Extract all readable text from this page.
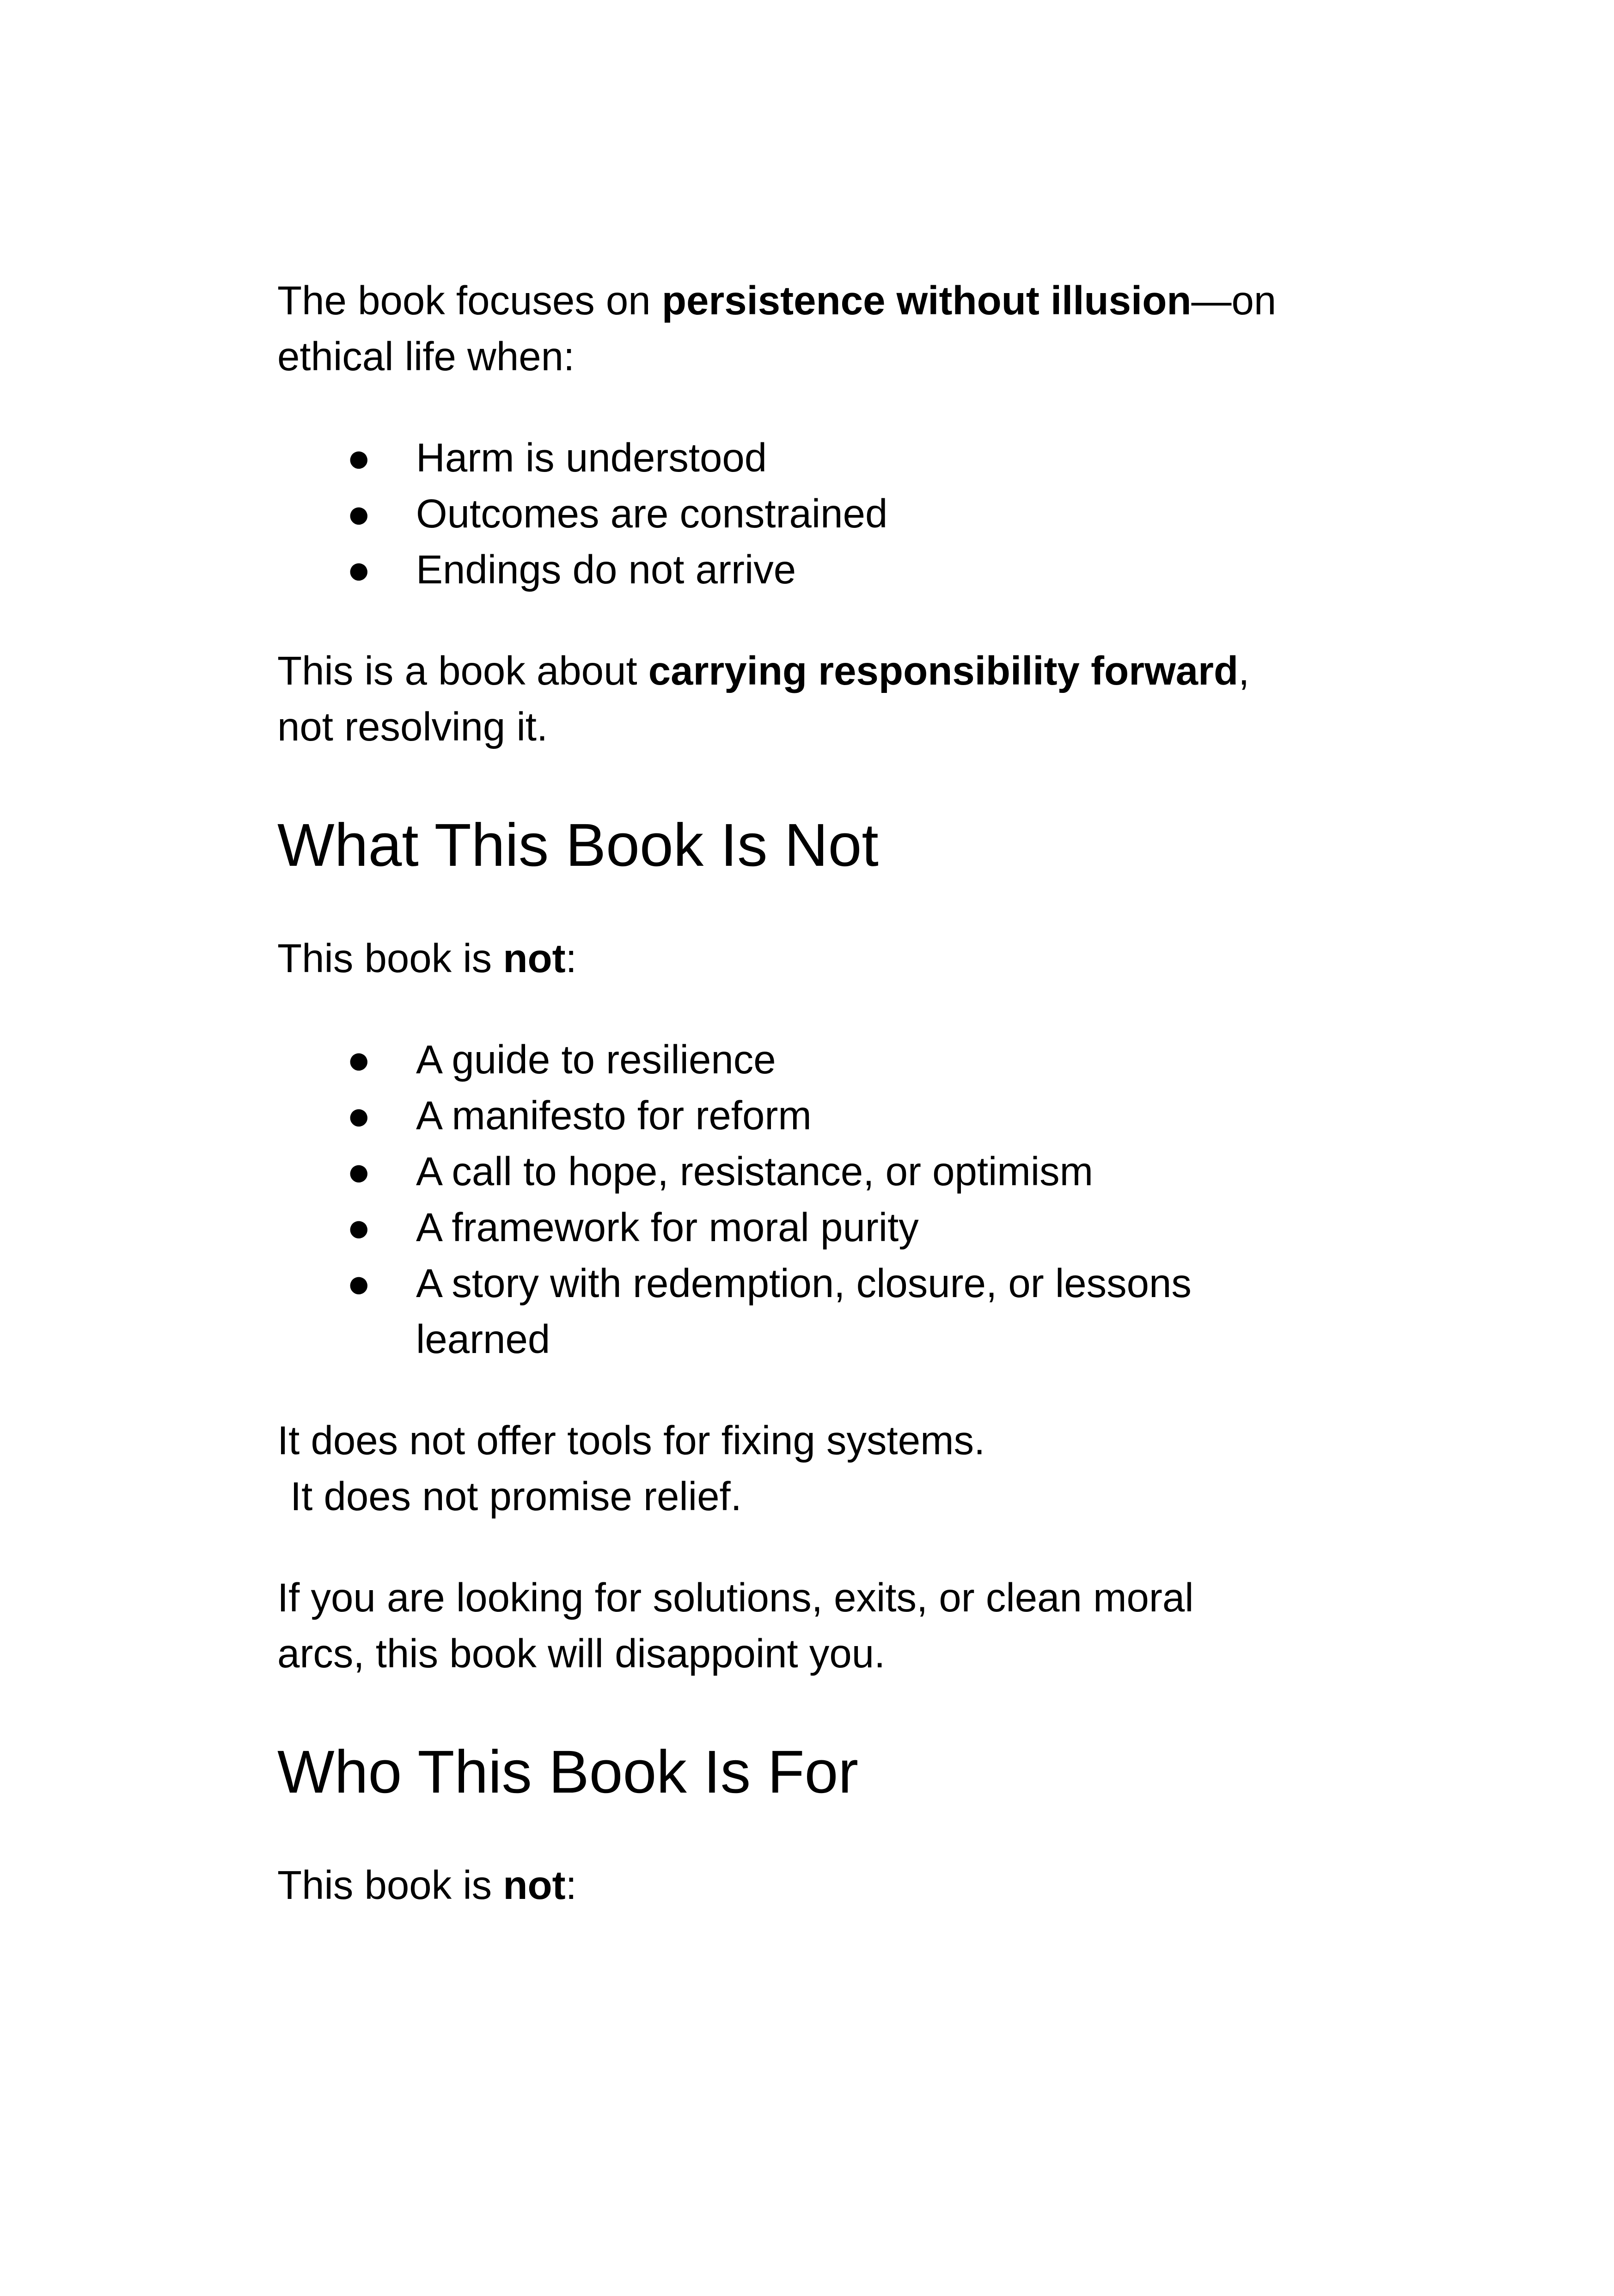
The book focuses on persistence without illusion—on
ethical life when:

● Harm is understood
● Outcomes are constrained
● Endings do not arrive

This is a book about carrying responsibility forward,
not resolving it.

What This Book Is Not

This book is not:

● A guide to resilience
● A manifesto for reform
● A call to hope, resistance, or optimism
● A framework for moral purity
● A story with redemption, closure, or lessons
learned

It does not offer tools for fixing systems.
It does not promise relief.

If you are looking for solutions, exits, or clean moral
arcs, this book will disappoint you.

Who This Book Is For

This book is not:
